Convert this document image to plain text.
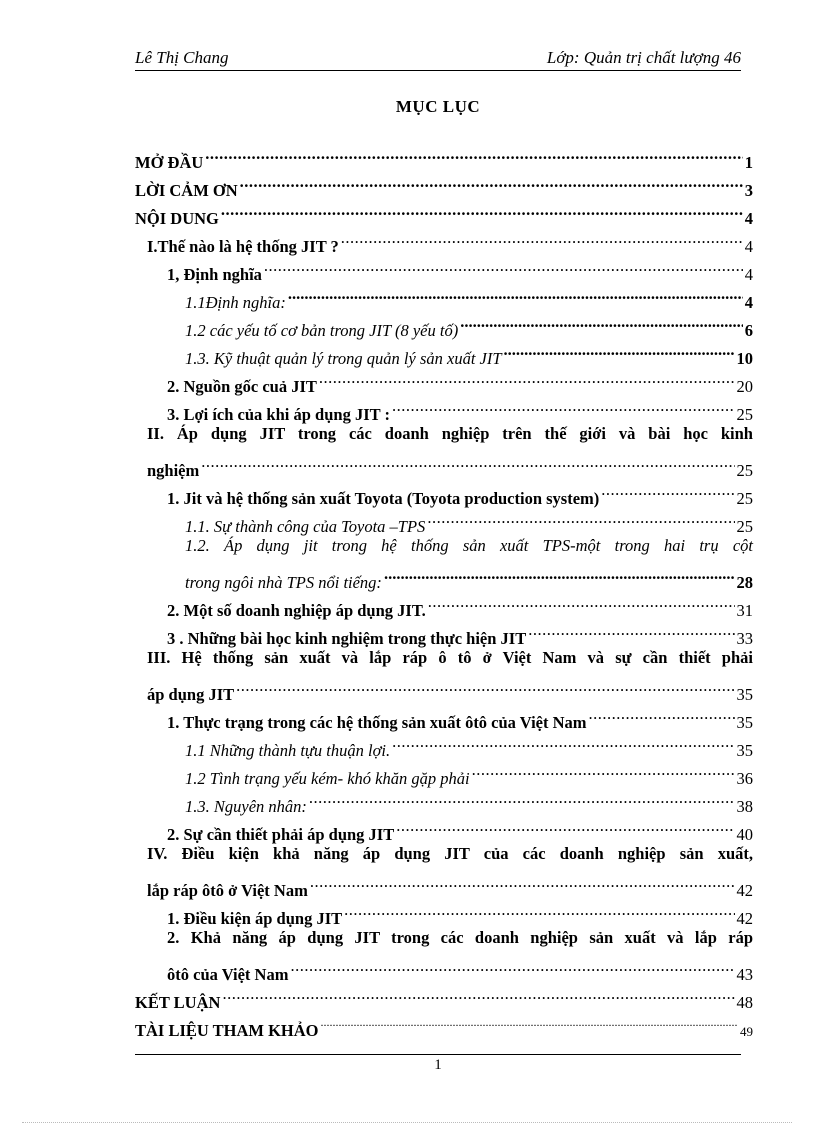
Lê Thị Chang	Lớp: Quản trị chất lượng 46
MỤC LỤC
MỞ ĐẦU .....	1
LỜI CẢM ƠN .....	3
NỘI DUNG .....	4
I.Thế nào là hệ thống JIT ? .....	4
1, Định nghĩa .....	4
1.1Định nghĩa: .....	4
1.2 các yếu tố cơ bản trong JIT (8 yếu tố) .....	6
1.3. Kỹ thuật quản lý trong quản lý sản xuất JIT .....	10
2. Nguồn gốc cuả JIT .....	20
3. Lợi ích của khi áp dụng JIT : .....	25
II. Áp dụng JIT trong các doanh nghiệp trên thế giới và bài học kinh
nghiệm .....	25
1. Jit và hệ thống sản xuất Toyota (Toyota production system) .....	25
1.1. Sự thành công của Toyota –TPS .....	25
1.2. Áp dụng jit trong hệ thống sản xuất TPS-một trong hai trụ cột
trong ngôi nhà TPS nổi tiếng: .....	28
2. Một số doanh nghiệp áp dụng JIT. .....	31
3 . Những bài học kinh nghiệm trong thực hiện JIT .....	33
III. Hệ thống sản xuất và lắp ráp ô tô ở Việt Nam và sự cần thiết phải
áp dụng JIT .....	35
1. Thực trạng trong các hệ thống sản xuất ôtô của Việt Nam .....	35
1.1 Những thành tựu thuận lợi. .....	35
1.2 Tình trạng yếu kém- khó khăn gặp phải .....	36
1.3. Nguyên nhân: .....	38
2. Sự cần thiết phải áp dụng JIT .....	40
IV. Điều kiện khả năng áp dụng JIT của các doanh nghiệp sản xuất,
lắp ráp ôtô ở Việt Nam .....	42
1. Điều kiện áp dụng JIT .....	42
2. Khả năng áp dụng JIT trong các doanh nghiệp sản xuất và lắp ráp
ôtô của Việt Nam .....	43
KẾT LUẬN .....	48
TÀI LIỆU THAM KHẢO .....	49
1
